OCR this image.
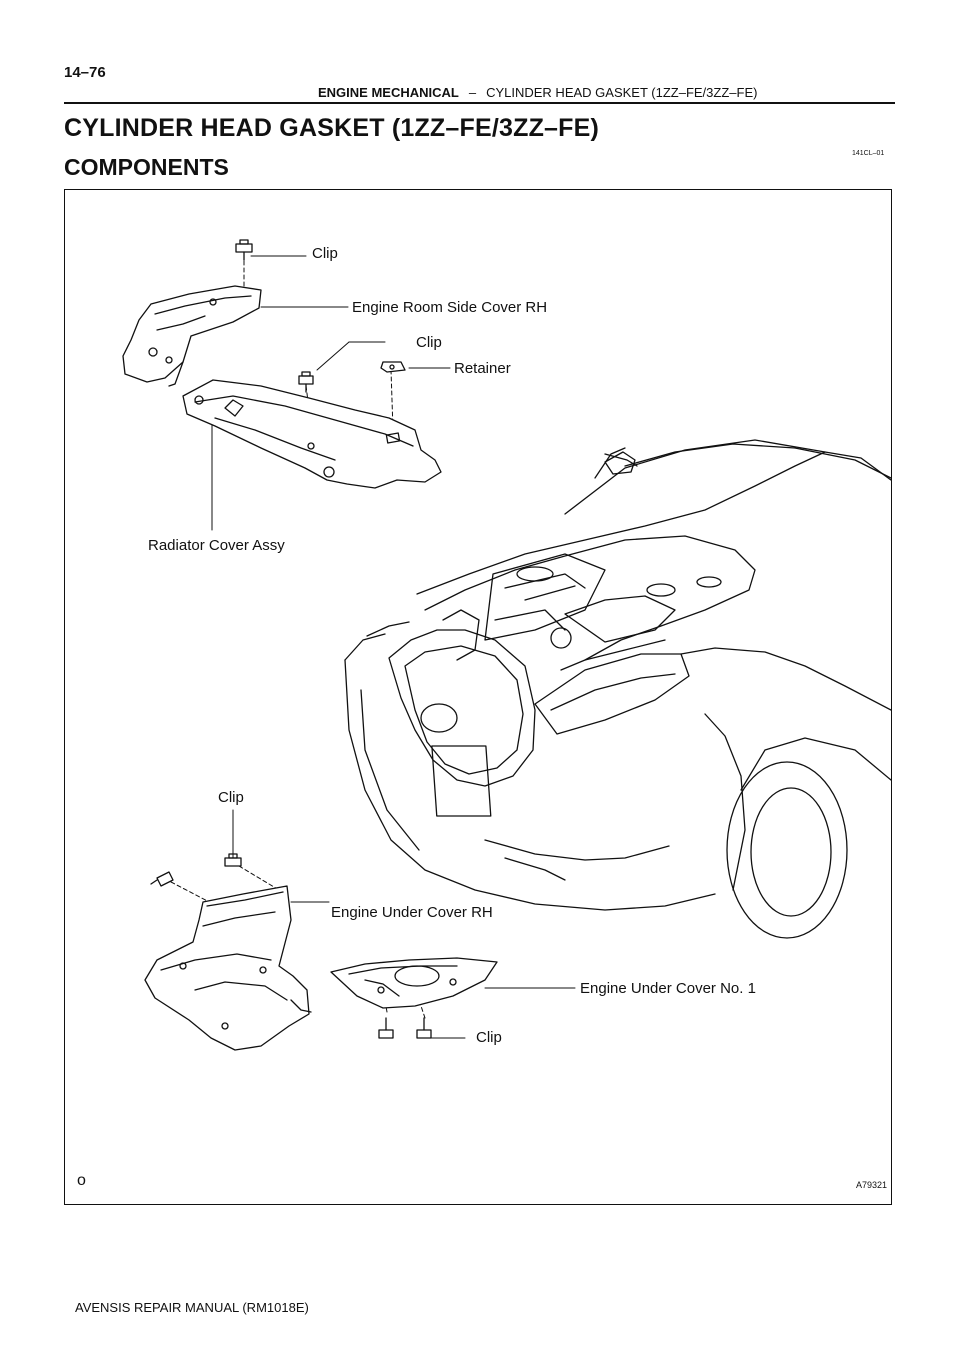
14–76
ENGINE MECHANICAL – CYLINDER HEAD GASKET (1ZZ–FE/3ZZ–FE)
CYLINDER HEAD GASKET (1ZZ–FE/3ZZ–FE)
COMPONENTS
141CL–01
Clip
Engine Room Side Cover RH
Clip
Retainer
Radiator Cover Assy
Clip
Engine Under Cover RH
Engine Under Cover No. 1
Clip
o	A79321
AVENSIS REPAIR MANUAL (RM1018E)
